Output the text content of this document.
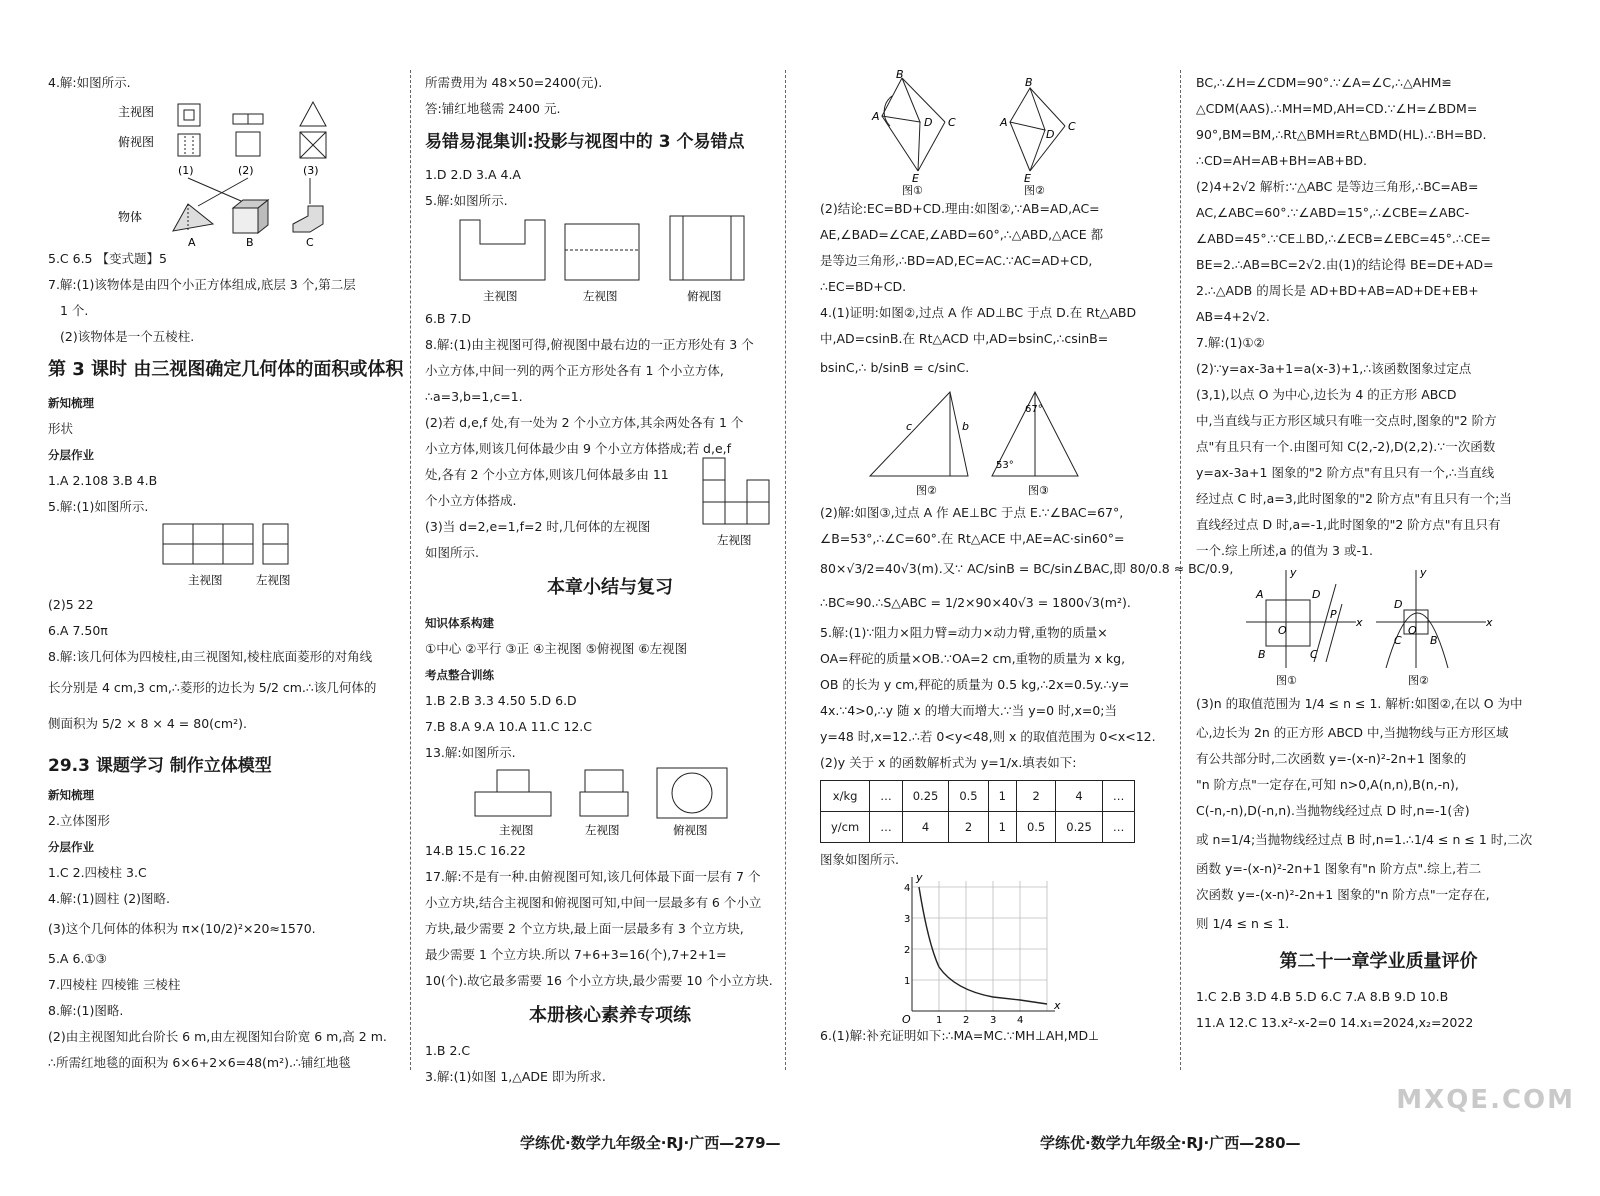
4.解:如图所示.
主视图
俯视图
(1)	(2)	(3)
物体
A	B	C
5.C 6.5 【变式题】5
7.解:(1)该物体是由四个小正方体组成,底层 3 个,第二层
1 个.
(2)该物体是一个五棱柱.
第 3 课时 由三视图确定几何体的面积或体积
新知梳理
形状
分层作业
1.A 2.108 3.B 4.B
5.解:(1)如图所示.
主视图	左视图
(2)5 22
6.A 7.50π
8.解:该几何体为四棱柱,由三视图知,棱柱底面菱形的对角线
长分别是 4 cm,3 cm,∴菱形的边长为 5/2 cm.∴该几何体的
侧面积为 5/2 × 8 × 4 = 80(cm²).
29.3 课题学习 制作立体模型
新知梳理
2.立体图形
分层作业
1.C 2.四棱柱 3.C
4.解:(1)圆柱 (2)图略.
(3)这个几何体的体积为 π×(10/2)²×20≈1570.
5.A 6.①③
7.四棱柱 四棱锥 三棱柱
8.解:(1)图略.
(2)由主视图知此台阶长 6 m,由左视图知台阶宽 6 m,高 2 m.
∴所需红地毯的面积为 6×6+2×6=48(m²).∴铺红地毯
所需费用为 48×50=2400(元).
答:铺红地毯需 2400 元.
易错易混集训:投影与视图中的 3 个易错点
1.D 2.D 3.A 4.A
5.解:如图所示.
主视图	左视图	俯视图
6.B 7.D
8.解:(1)由主视图可得,俯视图中最右边的一正方形处有 3 个
小立方体,中间一列的两个正方形处各有 1 个小立方体,
∴a=3,b=1,c=1.
(2)若 d,e,f 处,有一处为 2 个小立方体,其余两处各有 1 个
小立方体,则该几何体最少由 9 个小立方体搭成;若 d,e,f
处,各有 2 个小立方体,则该几何体最多由 11
个小立方体搭成.
(3)当 d=2,e=1,f=2 时,几何体的左视图
如图所示.
左视图
本章小结与复习
知识体系构建
①中心 ②平行 ③正 ④主视图 ⑤俯视图 ⑥左视图
考点整合训练
1.B 2.B 3.3 4.50 5.D 6.D
7.B 8.A 9.A 10.A 11.C 12.C
13.解:如图所示.
主视图	左视图	俯视图
14.B 15.C 16.22
17.解:不是有一种.由俯视图可知,该几何体最下面一层有 7 个
小立方块,结合主视图和俯视图可知,中间一层最多有 6 个小立
方块,最少需要 2 个立方块,最上面一层最多有 3 个立方块,
最少需要 1 个立方块.所以 7+6+3=16(个),7+2+1=
10(个).故它最多需要 16 个小立方块,最少需要 10 个小立方块.
本册核心素养专项练
1.B 2.C
3.解:(1)如图 1,△ADE 即为所求.
B
A	D C
E
图①
B
A
D
C
E
图②
(2)结论:EC=BD+CD.理由:如图②,∵AB=AD,AC=
AE,∠BAD=∠CAE,∠ABD=60°,∴△ABD,△ACE 都
是等边三角形,∴BD=AD,EC=AC.∵AC=AD+CD,
∴EC=BD+CD.
4.(1)证明:如图②,过点 A 作 AD⊥BC 于点 D.在 Rt△ABD
中,AD=csinB.在 Rt△ACD 中,AD=bsinC,∴csinB=
bsinC,∴ b/sinB = c/sinC.
c	b
图②
67°
53°
图③
(2)解:如图③,过点 A 作 AE⊥BC 于点 E.∵∠BAC=67°,
∠B=53°,∴∠C=60°.在 Rt△ACE 中,AE=AC·sin60°=
80×√3/2=40√3(m).又∵ AC/sinB = BC/sin∠BAC,即 80/0.8 ≈ BC/0.9,
∴BC≈90.∴S△ABC = 1/2×90×40√3 = 1800√3(m²).
5.解:(1)∵阻力×阻力臂=动力×动力臂,重物的质量×
OA=秤砣的质量×OB.∵OA=2 cm,重物的质量为 x kg,
OB 的长为 y cm,秤砣的质量为 0.5 kg,∴2x=0.5y.∴y=
4x.∵4>0,∴y 随 x 的增大而增大.∵当 y=0 时,x=0;当
y=48 时,x=12.∴若 0<y<48,则 x 的取值范围为 0<x<12.
(2)y 关于 x 的函数解析式为 y=1/x.填表如下:
x/kg	…	0.25	0.5	1	2	4	…
y/cm	…	4	2	1	0.5	0.25	…
图象如图所示.
y
x
O	1 2 3 4
4
3
2
1
6.(1)解:补充证明如下:∴MA=MC.∵MH⊥AH,MD⊥
BC,∴∠H=∠CDM=90°.∵∠A=∠C,∴△AHM≌
△CDM(AAS).∴MH=MD,AH=CD.∵∠H=∠BDM=
90°,BM=BM,∴Rt△BMH≌Rt△BMD(HL).∴BH=BD.
∴CD=AH=AB+BH=AB+BD.
(2)4+2√2 解析:∵△ABC 是等边三角形,∴BC=AB=
AC,∠ABC=60°.∵∠ABD=15°,∴∠CBE=∠ABC-
∠ABD=45°.∵CE⊥BD,∴∠ECB=∠EBC=45°.∴CE=
BE=2.∴AB=BC=2√2.由(1)的结论得 BE=DE+AD=
2.∴△ADB 的周长是 AD+BD+AB=AD+DE+EB+
AB=4+2√2.
7.解:(1)①②
(2)∵y=ax-3a+1=a(x-3)+1,∴该函数图象过定点
(3,1),以点 O 为中心,边长为 4 的正方形 ABCD
中,当直线与正方形区域只有唯一交点时,图象的"2 阶方
点"有且只有一个.由图可知 C(2,-2),D(2,2).∵一次函数
y=ax-3a+1 图象的"2 阶方点"有且只有一个,∴当直线
经过点 C 时,a=3,此时图象的"2 阶方点"有且只有一个;当
直线经过点 D 时,a=-1,此时图象的"2 阶方点"有且只有
一个.综上所述,a 的值为 3 或-1.
A
B	C
D
O
P
x
y
图①
D
C	B
O
x
y
图②
(3)n 的取值范围为 1/4 ≤ n ≤ 1. 解析:如图②,在以 O 为中
心,边长为 2n 的正方形 ABCD 中,当抛物线与正方形区域
有公共部分时,二次函数 y=-(x-n)²-2n+1 图象的
"n 阶方点"一定存在,可知 n>0,A(n,n),B(n,-n),
C(-n,-n),D(-n,n).当抛物线经过点 D 时,n=-1(舍)
或 n=1/4;当抛物线经过点 B 时,n=1.∴1/4 ≤ n ≤ 1 时,二次
函数 y=-(x-n)²-2n+1 图象有"n 阶方点".综上,若二
次函数 y=-(x-n)²-2n+1 图象的"n 阶方点"一定存在,
则 1/4 ≤ n ≤ 1.
第二十一章学业质量评价
1.C 2.B 3.D 4.B 5.D 6.C 7.A 8.B 9.D 10.B
11.A 12.C 13.x²-x-2=0 14.x₁=2024,x₂=2022
学练优·数学九年级全·RJ·广西—279—	学练优·数学九年级全·RJ·广西—280—
MXQE.COM
